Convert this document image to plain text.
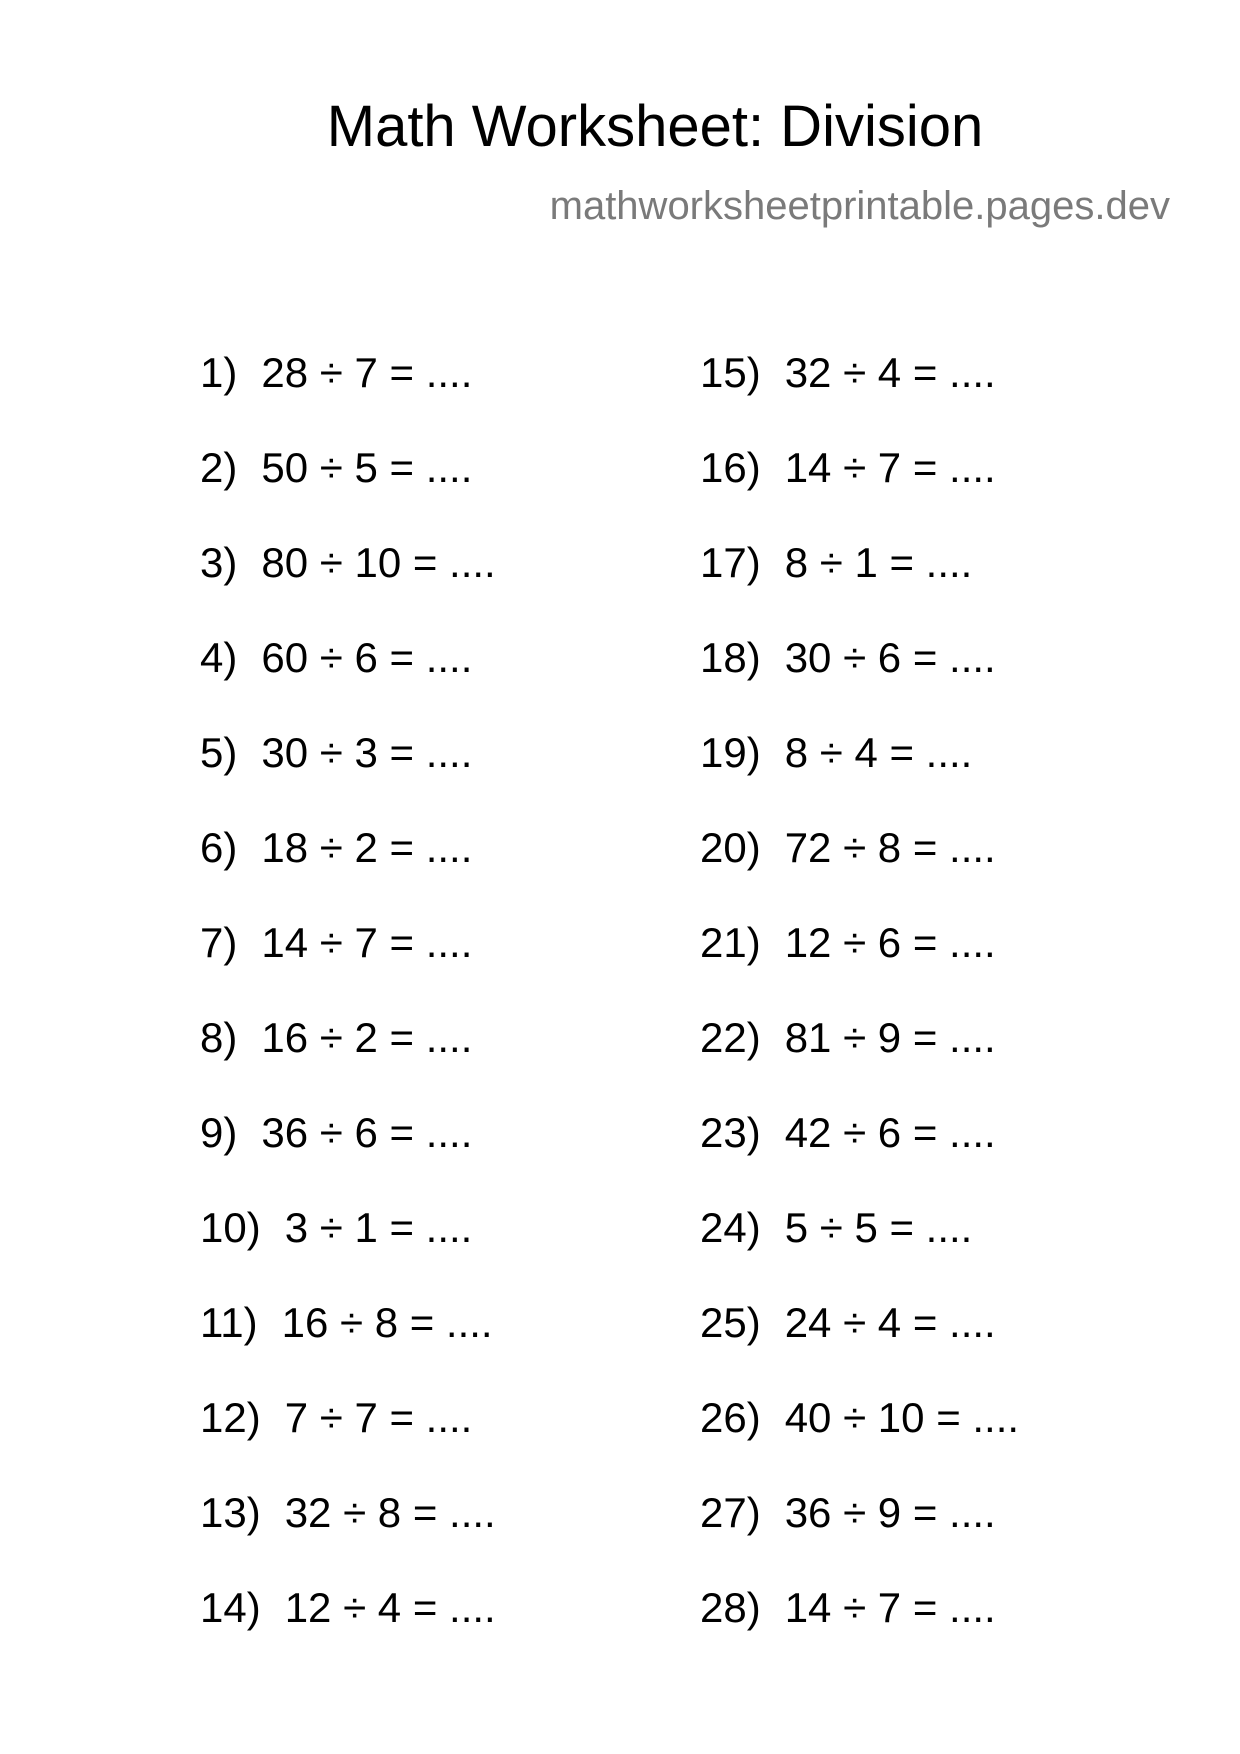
Math Worksheet: Division
mathworksheetprintable.pages.dev
1) 28 ÷ 7 = ....
2) 50 ÷ 5 = ....
3) 80 ÷ 10 = ....
4) 60 ÷ 6 = ....
5) 30 ÷ 3 = ....
6) 18 ÷ 2 = ....
7) 14 ÷ 7 = ....
8) 16 ÷ 2 = ....
9) 36 ÷ 6 = ....
10) 3 ÷ 1 = ....
11) 16 ÷ 8 = ....
12) 7 ÷ 7 = ....
13) 32 ÷ 8 = ....
14) 12 ÷ 4 = ....
15) 32 ÷ 4 = ....
16) 14 ÷ 7 = ....
17) 8 ÷ 1 = ....
18) 30 ÷ 6 = ....
19) 8 ÷ 4 = ....
20) 72 ÷ 8 = ....
21) 12 ÷ 6 = ....
22) 81 ÷ 9 = ....
23) 42 ÷ 6 = ....
24) 5 ÷ 5 = ....
25) 24 ÷ 4 = ....
26) 40 ÷ 10 = ....
27) 36 ÷ 9 = ....
28) 14 ÷ 7 = ....
